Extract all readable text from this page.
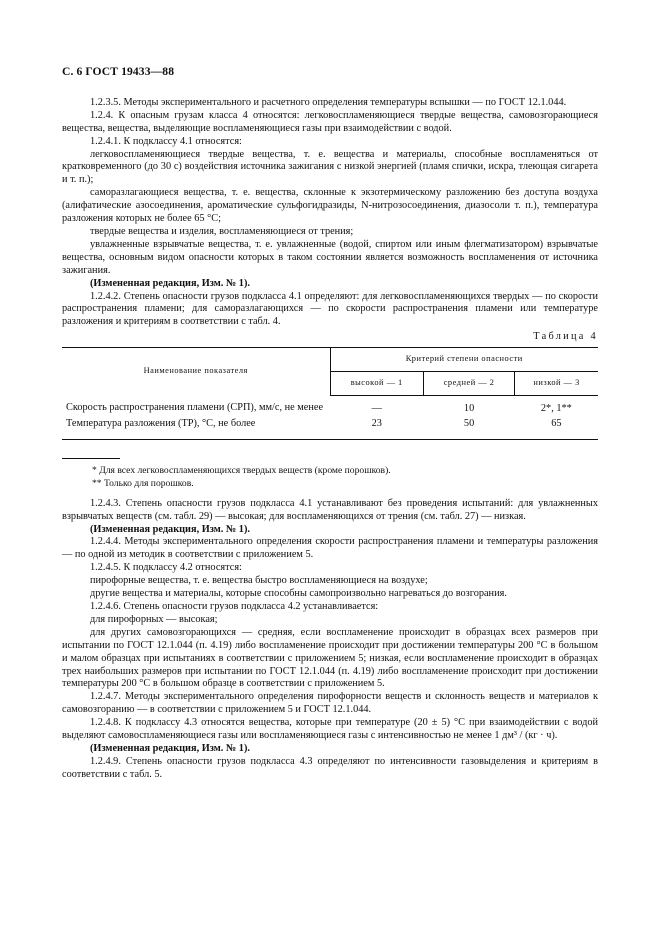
С. 6 ГОСТ 19433—88

1.2.3.5. Методы экспериментального и расчетного определения температуры вспышки — по ГОСТ 12.1.044.

1.2.4. К опасным грузам класса 4 относятся: легковоспламеняющиеся твердые вещества, самовозгорающиеся вещества, вещества, выделяющие воспламеняющиеся газы при взаимодействии с водой.

1.2.4.1. К подклассу 4.1 относятся:

легковоспламеняющиеся твердые вещества, т. е. вещества и материалы, способные воспламеняться от кратковременного (до 30 с) воздействия источника зажигания с низкой энергией (пламя спички, искра, тлеющая сигарета и т. п.);

саморазлагающиеся вещества, т. е. вещества, склонные к экзотермическому разложению без доступа воздуха (алифатические азосоединения, ароматические сульфогидразиды, N-нитрозосоединения, диазосоли т. п.), температура разложения которых не более 65 °С;

твердые вещества и изделия, воспламеняющиеся от трения;

увлажненные взрывчатые вещества, т. е. увлажненные (водой, спиртом или иным флегматизатором) взрывчатые вещества, основным видом опасности которых в таком состоянии является возможность воспламенения от источника зажигания.

(Измененная редакция, Изм. № 1).

1.2.4.2. Степень опасности грузов подкласса 4.1 определяют: для легковоспламеняющихся твердых — по скорости распространения пламени; для саморазлагающихся — по скорости распространения пламени или температуре разложения и критериям в соответствии с табл. 4.

Таблица 4
Наименование показателя	Критерий степени опасности		
	высокой — 1	средней — 2	низкой — 3
Скорость распространения пламени (СРП), мм/с, не менее	—	10	2*, 1**
Температура разложения (ТР), °С, не более	23	50	65
* Для всех легковоспламеняющихся твердых веществ (кроме порошков).
** Только для порошков.

1.2.4.3. Степень опасности грузов подкласса 4.1 устанавливают без проведения испытаний: для увлажненных взрывчатых веществ (см. табл. 29) — высокая; для воспламеняющихся от трения (см. табл. 27) — низкая.

(Измененная редакция, Изм. № 1).

1.2.4.4. Методы экспериментального определения скорости распространения пламени и температуры разложения — по одной из методик в соответствии с приложением 5.

1.2.4.5. К подклассу 4.2 относятся:

пирофорные вещества, т. е. вещества быстро воспламеняющиеся на воздухе;

другие вещества и материалы, которые способны самопроизвольно нагреваться до возгорания.

1.2.4.6. Степень опасности грузов подкласса 4.2 устанавливается:

для пирофорных — высокая;

для других самовозгорающихся — средняя, если воспламенение происходит в образцах всех размеров при испытании по ГОСТ 12.1.044 (п. 4.19) либо воспламенение происходит при достижении температуры 200 °С в большом и малом образцах при испытаниях в соответствии с приложением 5; низкая, если воспламенение происходит в образцах трех наибольших размеров при испытании по ГОСТ 12.1.044 (п. 4.19) либо воспламенение происходит при достижении температуры 200 °С в большом образце в соответствии с приложением 5.

1.2.4.7. Методы экспериментального определения пирофорности веществ и склонность веществ и материалов к самовозгоранию — в соответствии с приложением 5 и ГОСТ 12.1.044.

1.2.4.8. К подклассу 4.3 относятся вещества, которые при температуре (20 ± 5) °С при взаимодействии с водой выделяют самовоспламеняющиеся газы или воспламеняющиеся газы с интенсивностью не менее 1 дм³ / (кг · ч).

(Измененная редакция, Изм. № 1).

1.2.4.9. Степень опасности грузов подкласса 4.3 определяют по интенсивности газовыделения и критериям в соответствии с табл. 5.
